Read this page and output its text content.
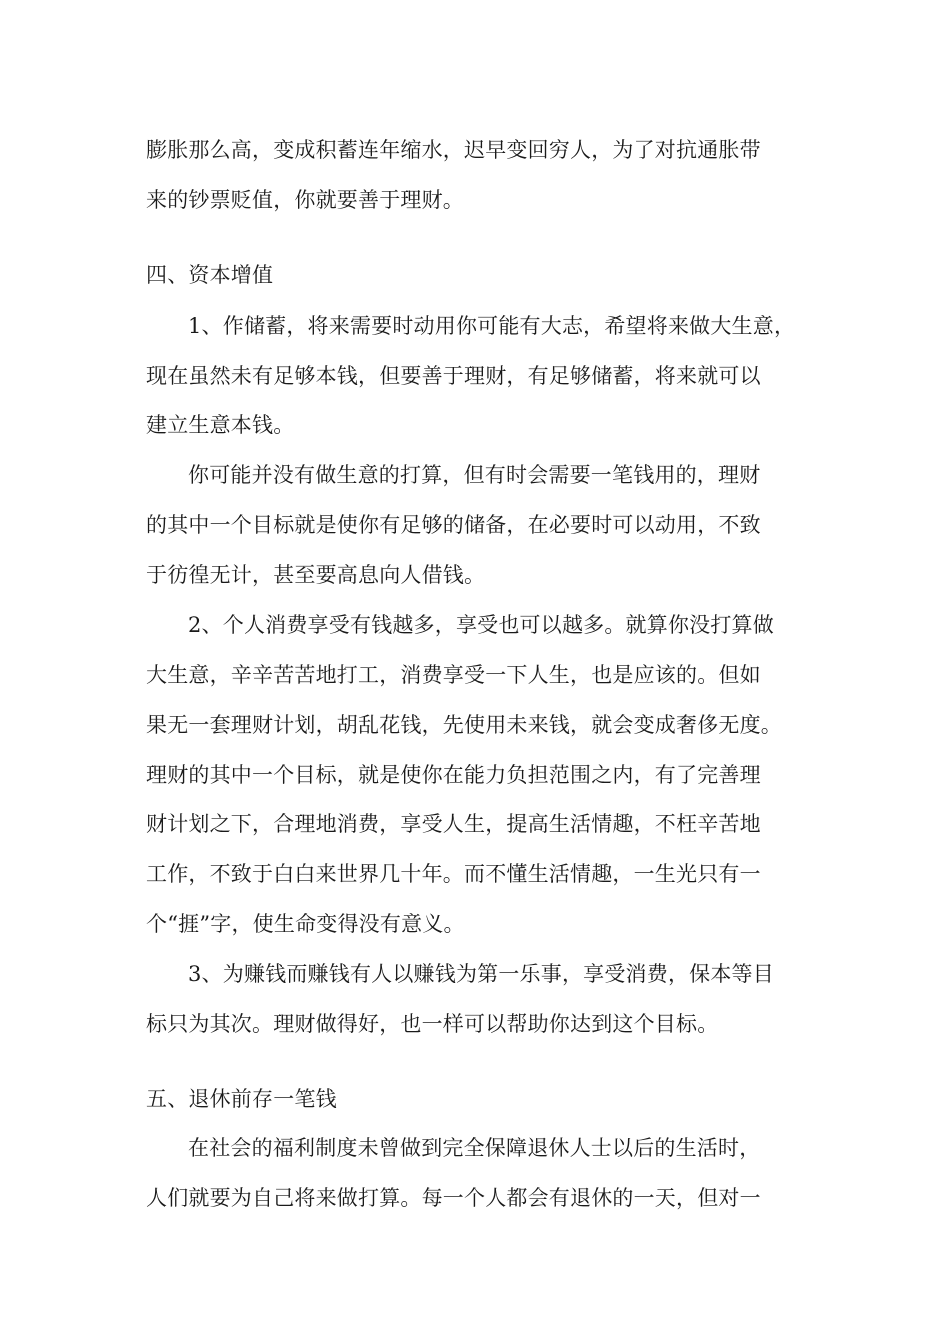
膨胀那么高，变成积蓄连年缩水，迟早变回穷人，为了对抗通胀带
来的钞票贬值，你就要善于理财。
四、资本增值
1、作储蓄，将来需要时动用你可能有大志，希望将来做大生意，
现在虽然未有足够本钱，但要善于理财，有足够储蓄，将来就可以
建立生意本钱。
你可能并没有做生意的打算，但有时会需要一笔钱用的，理财
的其中一个目标就是使你有足够的储备，在必要时可以动用，不致
于彷徨无计，甚至要高息向人借钱。
2、个人消费享受有钱越多，享受也可以越多。就算你没打算做
大生意，辛辛苦苦地打工，消费享受一下人生，也是应该的。但如
果无一套理财计划，胡乱花钱，先使用未来钱，就会变成奢侈无度。
理财的其中一个目标，就是使你在能力负担范围之内，有了完善理
财计划之下，合理地消费，享受人生，提高生活情趣，不枉辛苦地
工作，不致于白白来世界几十年。而不懂生活情趣，一生光只有一
个“捱”字，使生命变得没有意义。
3、为赚钱而赚钱有人以赚钱为第一乐事，享受消费，保本等目
标只为其次。理财做得好，也一样可以帮助你达到这个目标。
五、退休前存一笔钱
在社会的福利制度未曾做到完全保障退休人士以后的生活时，
人们就要为自己将来做打算。每一个人都会有退休的一天，但对一
